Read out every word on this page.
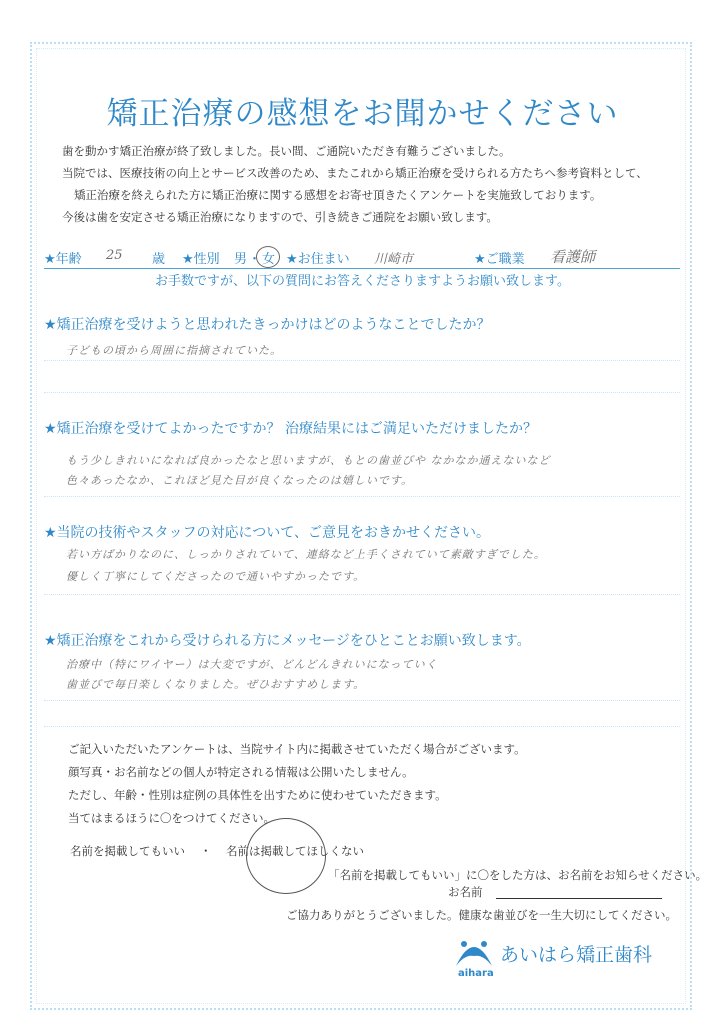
矯正治療の感想をお聞かせください

歯を動かす矯正治療が終了致しました。長い間、ご通院いただき有難うございました。

当院では、医療技術の向上とサービス改善のため、またこれから矯正治療を受けられる方たちへ参考資料として、

矯正治療を終えられた方に矯正治療に関する感想をお寄せ頂きたくアンケートを実施致しております。

今後は歯を安定させる矯正治療になりますので、引き続きご通院をお願い致します。

★年齢 25 歳 ★性別 男 ・ 女 ★お住まい 川崎市	★ご職業 看護師
お手数ですが、以下の質問にお答えくださりますようお願い致します。
★矯正治療を受けようと思われたきっかけはどのようなことでしたか？
子どもの頃から周囲に指摘されていた。
★矯正治療を受けてよかったですか？ 治療結果にはご満足いただけましたか？
もう少しきれいになれば良かったなと思いますが、もとの歯並びや なかなか通えないなど
色々あったなか、これほど見た目が良くなったのは嬉しいです。
★当院の技術やスタッフの対応について、ご意見をおきかせください。
若い方ばかりなのに、しっかりされていて、連絡など上手くされていて素敵すぎでした。
優しく丁寧にしてくださったので通いやすかったです。
★矯正治療をこれから受けられる方にメッセージをひとことお願い致します。
治療中（特にワイヤー）は大変ですが、どんどんきれいになっていく
歯並びで毎日楽しくなりました。ぜひおすすめします。

ご記入いただいたアンケートは、当院サイト内に掲載させていただく場合がございます。

顔写真・お名前などの個人が特定される情報は公開いたしません。

ただし、年齢・性別は症例の具体性を出すために使わせていただきます。

当てはまるほうに〇をつけてください。

名前を掲載してもいい ・ 名前は掲載してほしくない
「名前を掲載してもいい」に〇をした方は、お名前をお知らせください。
お名前
ご協力ありがとうございました。健康な歯並びを一生大切にしてください。
あいはら矯正歯科
aihara
